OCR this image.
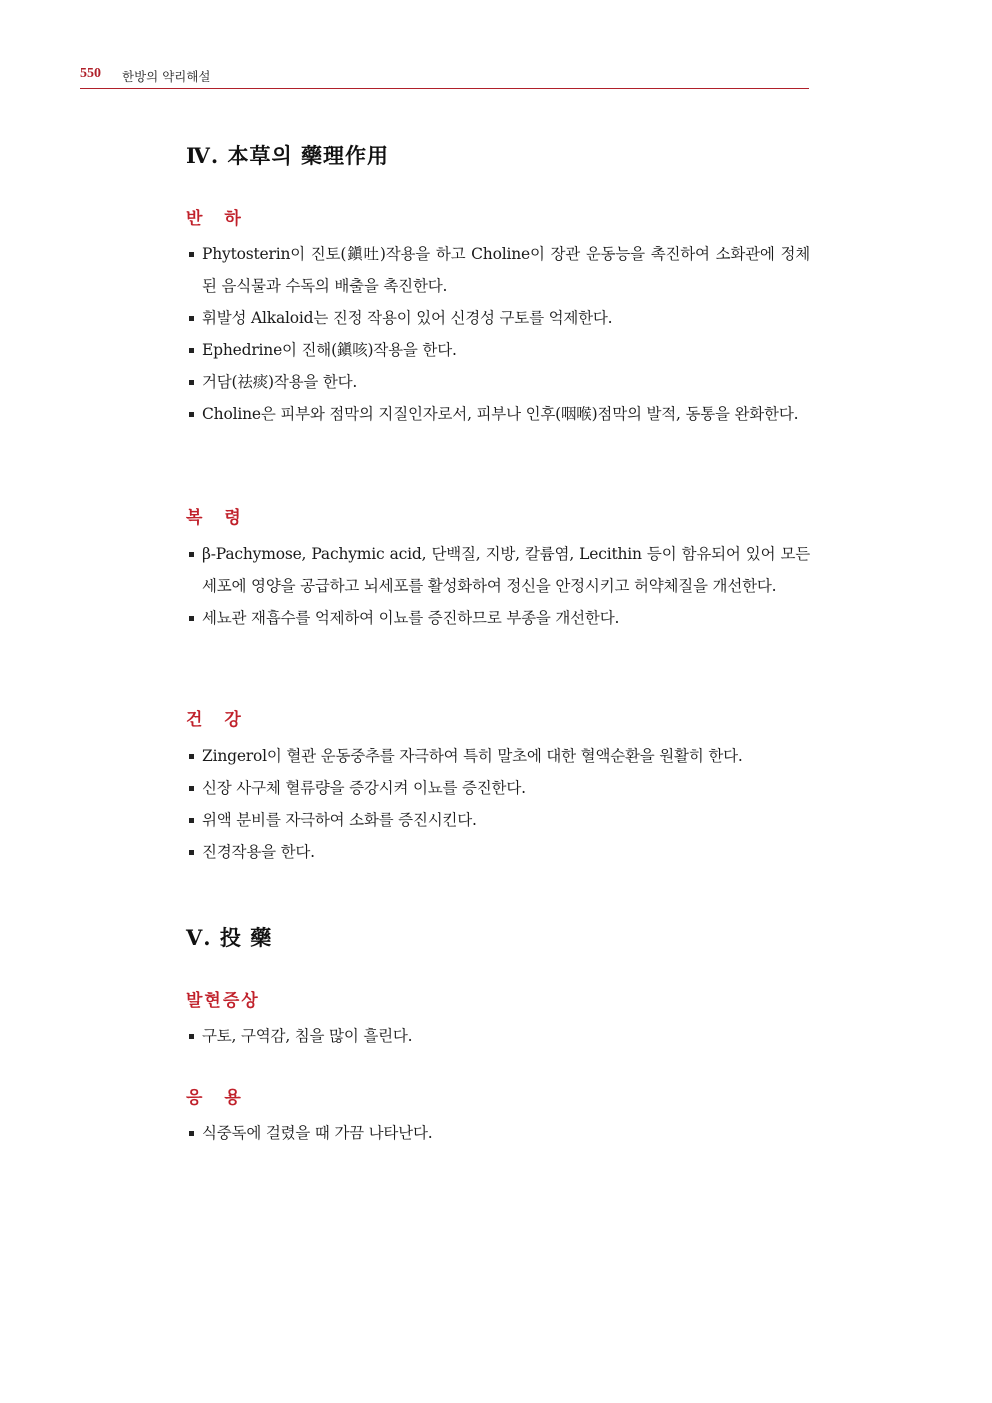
550 한방의 약리해설
Ⅳ. 本草의 藥理作用
반 하
Phytosterin이 진토(鎭吐)작용을 하고 Choline이 장관 운동능을 촉진하여 소화관에 정체된 음식물과 수독의 배출을 촉진한다.
휘발성 Alkaloid는 진정 작용이 있어 신경성 구토를 억제한다.
Ephedrine이 진해(鎭咳)작용을 한다.
거담(祛痰)작용을 한다.
Choline은 피부와 점막의 지질인자로서, 피부나 인후(咽喉)점막의 발적, 동통을 완화한다.
복 령
β-Pachymose, Pachymic acid, 단백질, 지방, 칼륨염, Lecithin 등이 함유되어 있어 모든 세포에 영양을 공급하고 뇌세포를 활성화하여 정신을 안정시키고 허약체질을 개선한다.
세뇨관 재흡수를 억제하여 이뇨를 증진하므로 부종을 개선한다.
건 강
Zingerol이 혈관 운동중추를 자극하여 특히 말초에 대한 혈액순환을 원활히 한다.
신장 사구체 혈류량을 증강시켜 이뇨를 증진한다.
위액 분비를 자극하여 소화를 증진시킨다.
진경작용을 한다.
Ⅴ. 投 藥
발현증상
구토, 구역감, 침을 많이 흘린다.
응 용
식중독에 걸렸을 때 가끔 나타난다.
